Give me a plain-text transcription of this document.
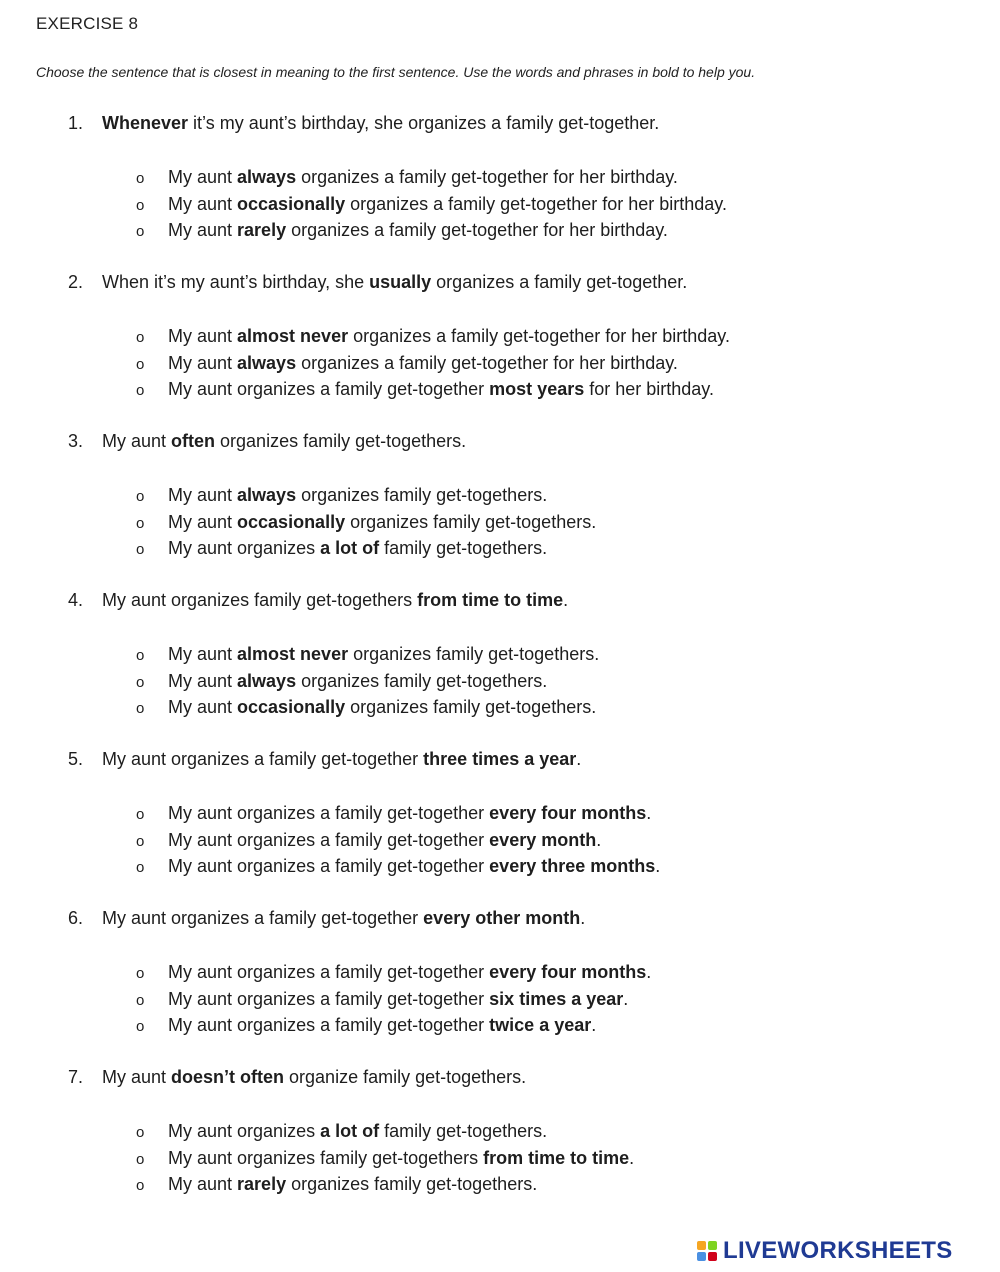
EXERCISE 8
Choose the sentence that is closest in meaning to the first sentence. Use the words and phrases in bold to help you.
1. Whenever it’s my aunt’s birthday, she organizes a family get-together.
o My aunt always organizes a family get-together for her birthday.
o My aunt occasionally organizes a family get-together for her birthday.
o My aunt rarely organizes a family get-together for her birthday.
2. When it’s my aunt’s birthday, she usually organizes a family get-together.
o My aunt almost never organizes a family get-together for her birthday.
o My aunt always organizes a family get-together for her birthday.
o My aunt organizes a family get-together most years for her birthday.
3. My aunt often organizes family get-togethers.
o My aunt always organizes family get-togethers.
o My aunt occasionally organizes family get-togethers.
o My aunt organizes a lot of family get-togethers.
4. My aunt organizes family get-togethers from time to time.
o My aunt almost never organizes family get-togethers.
o My aunt always organizes family get-togethers.
o My aunt occasionally organizes family get-togethers.
5. My aunt organizes a family get-together three times a year.
o My aunt organizes a family get-together every four months.
o My aunt organizes a family get-together every month.
o My aunt organizes a family get-together every three months.
6. My aunt organizes a family get-together every other month.
o My aunt organizes a family get-together every four months.
o My aunt organizes a family get-together six times a year.
o My aunt organizes a family get-together twice a year.
7. My aunt doesn’t often organize family get-togethers.
o My aunt organizes a lot of family get-togethers.
o My aunt organizes family get-togethers from time to time.
o My aunt rarely organizes family get-togethers.
LIVEWORKSHEETS
